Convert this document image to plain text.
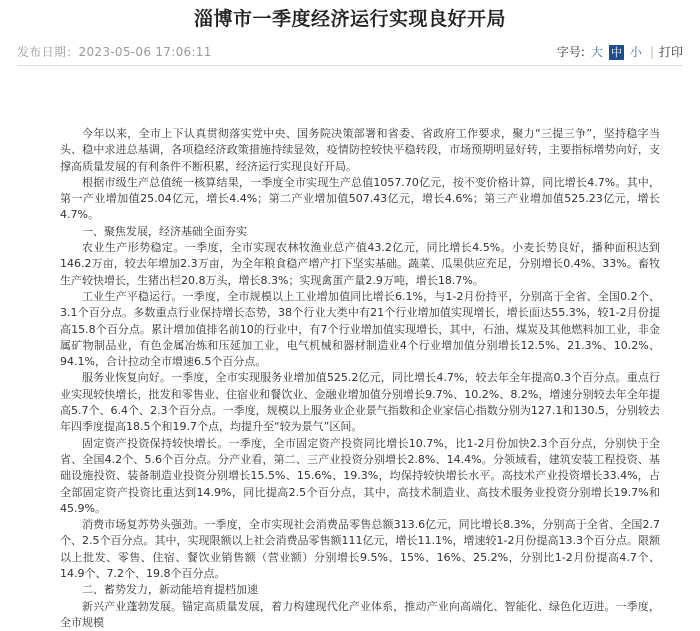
淄博市一季度经济运行实现良好开局
发布日期：2023-05-06 17:06:11	字号: 大 中 小 | 打印

今年以来，全市上下认真贯彻落实党中央、国务院决策部署和省委、省政府工作要求，聚力“三提三争”，坚持稳字当头、稳中求进总基调，各项稳经济政策措施持续显效，疫情防控较快平稳转段，市场预期明显好转，主要指标增势向好，支撑高质量发展的有利条件不断积累，经济运行实现良好开局。

根据市级生产总值统一核算结果，一季度全市实现生产总值1057.70亿元，按不变价格计算，同比增长4.7%。其中，第一产业增加值25.04亿元，增长4.4%；第二产业增加值507.43亿元，增长4.6%；第三产业增加值525.23亿元，增长4.7%。

一、聚焦发展，经济基础全面夯实

农业生产形势稳定。一季度，全市实现农林牧渔业总产值43.2亿元，同比增长4.5%。小麦长势良好，播种面积达到146.2万亩，较去年增加2.3万亩，为全年粮食稳产增产打下坚实基础。蔬菜、瓜果供应充足，分别增长0.4%、33%。畜牧生产较快增长，生猪出栏20.8万头，增长8.3%；实现禽蛋产量2.9万吨，增长18.7%。

工业生产平稳运行。一季度，全市规模以上工业增加值同比增长6.1%，与1-2月份持平，分别高于全省、全国0.2个、3.1个百分点。多数重点行业保持增长态势，38个行业大类中有21个行业增加值实现增长，增长面达55.3%，较1-2月份提高15.8个百分点。累计增加值排名前10的行业中，有7个行业增加值实现增长，其中，石油、煤炭及其他燃料加工业，非金属矿物制品业，有色金属冶炼和压延加工业，电气机械和器材制造业4个行业增加值分别增长12.5%、21.3%、10.2%、94.1%，合计拉动全市增速6.5个百分点。

服务业恢复向好。一季度，全市实现服务业增加值525.2亿元，同比增长4.7%，较去年全年提高0.3个百分点。重点行业实现较快增长，批发和零售业、住宿业和餐饮业、金融业增加值分别增长9.7%、10.2%、8.2%，增速分别较去年全年提高5.7个、6.4个、2.3个百分点。一季度，规模以上服务业企业景气指数和企业家信心指数分别为127.1和130.5，分别较去年四季度提高18.5个和19.7个点，均提升至“较为景气”区间。

固定资产投资保持较快增长。一季度，全市固定资产投资同比增长10.7%，比1-2月份加快2.3个百分点，分别快于全省、全国4.2个、5.6个百分点。分产业看，第二、三产业投资分别增长2.8%、14.4%。分领域看，建筑安装工程投资、基础设施投资、装备制造业投资分别增长15.5%、15.6%、19.3%，均保持较快增长水平。高技术产业投资增长33.4%，占全部固定资产投资比重达到14.9%，同比提高2.5个百分点，其中，高技术制造业、高技术服务业投资分别增长19.7%和45.9%。

消费市场复苏势头强劲。一季度，全市实现社会消费品零售总额313.6亿元，同比增长8.3%，分别高于全省、全国2.7个、2.5个百分点。其中，实现限额以上社会消费品零售额111亿元，增长11.1%，增速较1-2月份提高13.3个百分点。限额以上批发、零售、住宿、餐饮业销售额（营业额）分别增长9.5%、15%、16%、25.2%，分别比1-2月份提高4.7个、14.9个、7.2个、19.8个百分点。

二、蓄势发力，新动能培育提档加速

新兴产业蓬勃发展。锚定高质量发展，着力构建现代化产业体系，推动产业向高端化、智能化、绿色化迈进。一季度，全市规模
